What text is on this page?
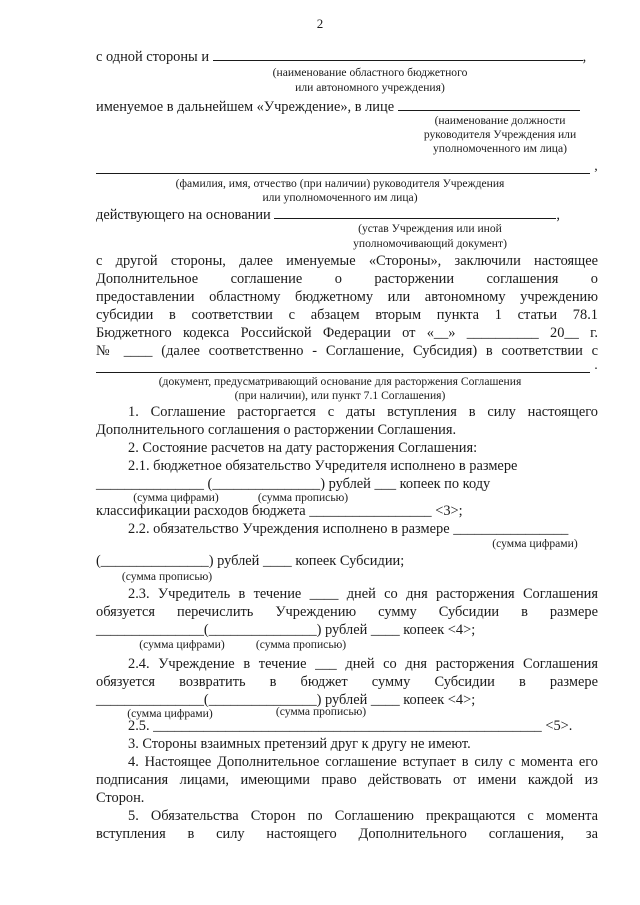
2
с одной стороны и	,
(наименование областного бюджетного
или автономного учреждения)
именуемое в дальнейшем «Учреждение», в лице
(наименование должности
руководителя Учреждения или
уполномоченного им лица)
,
(фамилия, имя, отчество (при наличии) руководителя Учреждения
или уполномоченного им лица)
действующего на основании	,
(устав Учреждения или иной
уполномочивающий документ)
с другой стороны, далее именуемые «Стороны», заключили настоящее
Дополнительное соглашение о расторжении соглашения о
предоставлении областному бюджетному или автономному учреждению
субсидии в соответствии с абзацем вторым пункта 1 статьи 78.1
Бюджетного кодекса Российской Федерации от «__» __________ 20__ г.
№ ____ (далее соответственно - Соглашение, Субсидия) в соответствии с
.
(документ, предусматривающий основание для расторжения Соглашения
(при наличии), или пункт 7.1 Соглашения)
1. Соглашение расторгается с даты вступления в силу настоящего
Дополнительного соглашения о расторжении Соглашения.
2. Состояние расчетов на дату расторжения Соглашения:
2.1. бюджетное обязательство Учредителя исполнено в размере
_______________ (_______________) рублей ___ копеек по коду
(сумма цифрами)	(сумма прописью)
классификации расходов бюджета _________________ <3>;
2.2. обязательство Учреждения исполнено в размере ________________
(сумма цифрами)
(_______________) рублей ____ копеек Субсидии;
(сумма прописью)
2.3. Учредитель в течение ____ дней со дня расторжения Соглашения
обязуется перечислить Учреждению сумму Субсидии в размере
_______________(_______________) рублей ____ копеек <4>;
(сумма цифрами)	(сумма прописью)
2.4. Учреждение в течение ___ дней со дня расторжения Соглашения
обязуется возвратить в бюджет сумму Субсидии в размере
_______________(_______________) рублей ____ копеек <4>;
(сумма цифрами)	(сумма прописью)
2.5. ______________________________________________________ <5>.
3. Стороны взаимных претензий друг к другу не имеют.
4. Настоящее Дополнительное соглашение вступает в силу с момента его
подписания лицами, имеющими право действовать от имени каждой из
Сторон.
5. Обязательства Сторон по Соглашению прекращаются с момента
вступления в силу настоящего Дополнительного соглашения, за
